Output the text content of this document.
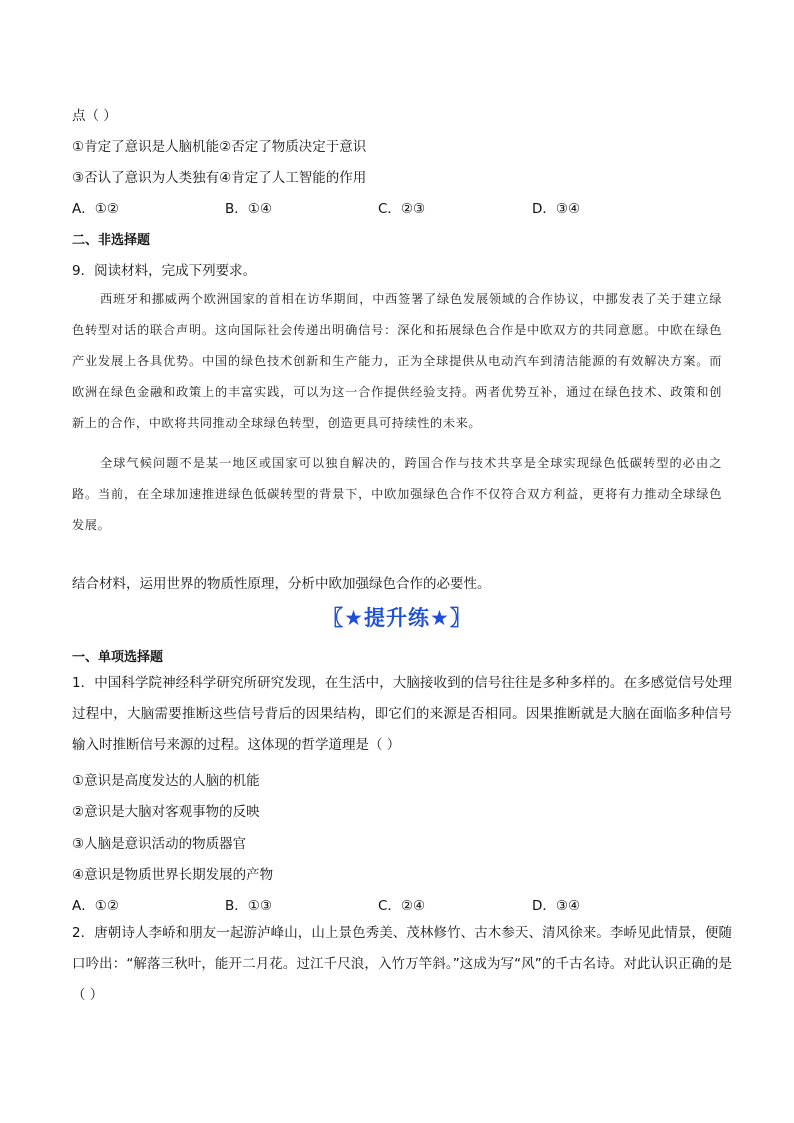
点（ ）
①肯定了意识是人脑机能②否定了物质决定于意识
③否认了意识为人类独有④肯定了人工智能的作用
A．①②	B．①④	C．②③	D．③④
二、非选择题
9．阅读材料，完成下列要求。

西班牙和挪威两个欧洲国家的首相在访华期间，中西签署了绿色发展领域的合作协议，中挪发表了关于建立绿色转型对话的联合声明。这向国际社会传递出明确信号：深化和拓展绿色合作是中欧双方的共同意愿。中欧在绿色产业发展上各具优势。中国的绿色技术创新和生产能力，正为全球提供从电动汽车到清洁能源的有效解决方案。而欧洲在绿色金融和政策上的丰富实践，可以为这一合作提供经验支持。两者优势互补，通过在绿色技术、政策和创新上的合作，中欧将共同推动全球绿色转型，创造更具可持续性的未来。

全球气候问题不是某一地区或国家可以独自解决的，跨国合作与技术共享是全球实现绿色低碳转型的必由之路。当前，在全球加速推进绿色低碳转型的背景下，中欧加强绿色合作不仅符合双方利益，更将有力推动全球绿色发展。

结合材料，运用世界的物质性原理，分析中欧加强绿色合作的必要性。
〖★提升练★〗
一、单项选择题
1．中国科学院神经科学研究所研究发现，在生活中，大脑接收到的信号往往是多种多样的。在多感觉信号处理过程中，大脑需要推断这些信号背后的因果结构，即它们的来源是否相同。因果推断就是大脑在面临多种信号输入时推断信号来源的过程。这体现的哲学道理是（ ）
①意识是高度发达的人脑的机能
②意识是大脑对客观事物的反映
③人脑是意识活动的物质器官
④意识是物质世界长期发展的产物
A．①②	B．①③	C．②④	D．③④
2．唐朝诗人李峤和朋友一起游泸峰山，山上景色秀美、茂林修竹、古木参天、清风徐来。李峤见此情景，便随口吟出：“解落三秋叶，能开二月花。过江千尺浪，入竹万竿斜。”这成为写“风”的千古名诗。对此认识正确的是（ ）
